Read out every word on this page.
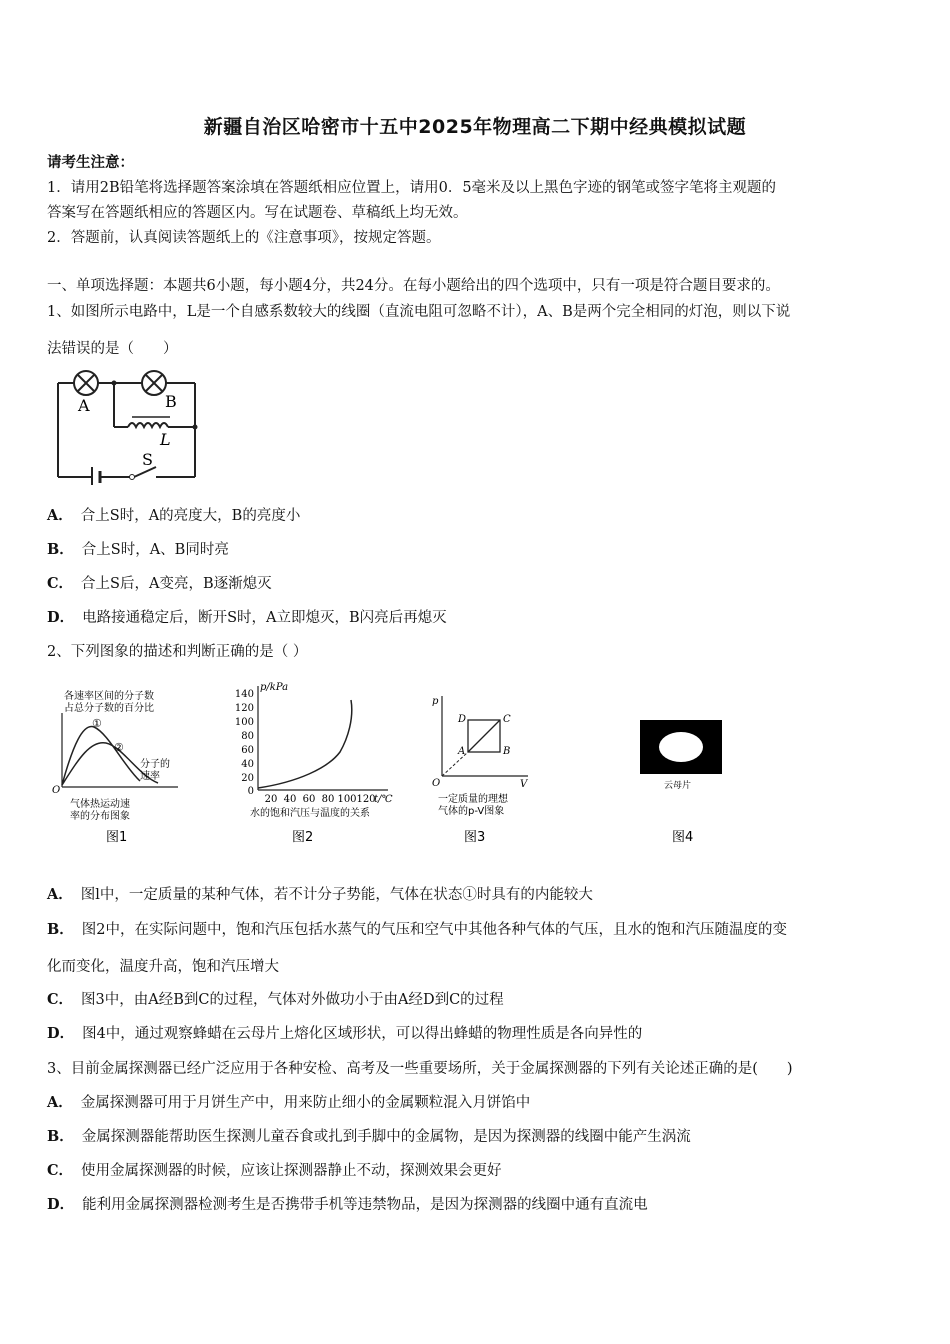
新疆自治区哈密市十五中2025年物理高二下期中经典模拟试题
请考生注意：
1．请用2B铅笔将选择题答案涂填在答题纸相应位置上，请用0．5毫米及以上黑色字迹的钢笔或签字笔将主观题的
答案写在答题纸相应的答题区内。写在试题卷、草稿纸上均无效。
2．答题前，认真阅读答题纸上的《注意事项》，按规定答题。
一、单项选择题：本题共6小题，每小题4分，共24分。在每小题给出的四个选项中，只有一项是符合题目要求的。
1、如图所示电路中，L是一个自感系数较大的线圈（直流电阻可忽略不计），A、B是两个完全相同的灯泡，则以下说
法错误的是（　　）
A	B
L
S
A． 合上S时，A的亮度大，B的亮度小
B． 合上S时，A、B同时亮
C． 合上S后，A变亮，B逐渐熄灭
D． 电路接通稳定后，断开S时，A立即熄灭，B闪亮后再熄灭
2、下列图象的描述和判断正确的是（ ）
各速率区间的分子数
占总分子数的百分比
①
②
分子的
速率
O
气体热运动速
率的分布图象
图1
p/kPa
140
120
100
80
60
40
20
0
20 40 60 80 100 120
t/℃
水的饱和汽压与温度的关系
图2
p
V
O
A	B
C
D
一定质量的理想
气体的p-V图象
图3
云母片
图4
A． 图l中，一定质量的某种气体，若不计分子势能，气体在状态①时具有的内能较大
B． 图2中，在实际问题中，饱和汽压包括水蒸气的气压和空气中其他各种气体的气压，且水的饱和汽压随温度的变
化而变化，温度升高，饱和汽压增大
C． 图3中，由A经B到C的过程，气体对外做功小于由A经D到C的过程
D． 图4中，通过观察蜂蜡在云母片上熔化区域形状，可以得出蜂蜡的物理性质是各向异性的
3、目前金属探测器已经广泛应用于各种安检、高考及一些重要场所，关于金属探测器的下列有关论述正确的是(　　)
A． 金属探测器可用于月饼生产中，用来防止细小的金属颗粒混入月饼馅中
B． 金属探测器能帮助医生探测儿童吞食或扎到手脚中的金属物，是因为探测器的线圈中能产生涡流
C． 使用金属探测器的时候，应该让探测器静止不动，探测效果会更好
D． 能利用金属探测器检测考生是否携带手机等违禁物品，是因为探测器的线圈中通有直流电
